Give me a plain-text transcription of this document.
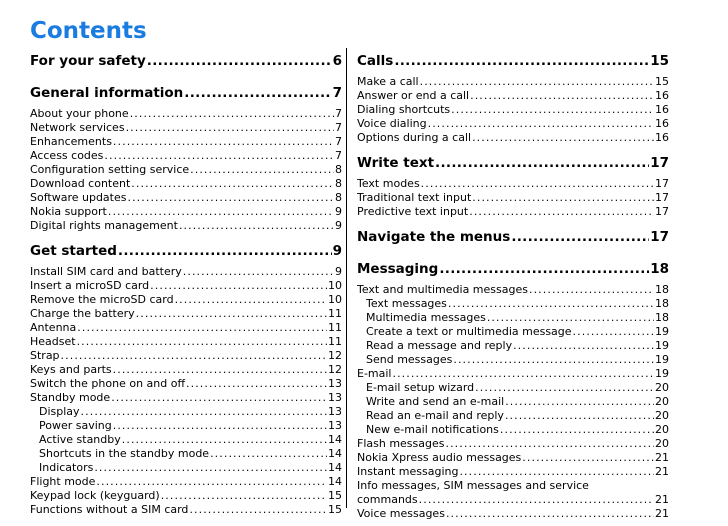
Contents
For your safety . . .	6
General information . . .	7
About your phone . . .	7
Network services . . .	7
Enhancements . . .	7
Access codes . . .	7
Configuration setting service . . .	8
Download content . . .	8
Software updates . . .	8
Nokia support . . .	9
Digital rights management . . .	9
Get started . . .	9
Install SIM card and battery . . .	9
Insert a microSD card . . .	10
Remove the microSD card . . .	10
Charge the battery . . .	11
Antenna . . .	11
Headset . . .	11
Strap . . .	12
Keys and parts . . .	12
Switch the phone on and off . . .	13
Standby mode . . .	13
Display . . .	13
Power saving . . .	13
Active standby . . .	14
Shortcuts in the standby mode . . .	14
Indicators . . .	14
Flight mode . . .	14
Keypad lock (keyguard) . . .	15
Functions without a SIM card . . .	15
Calls . . .	15
Make a call . . .	15
Answer or end a call . . .	16
Dialing shortcuts . . .	16
Voice dialing . . .	16
Options during a call . . .	16
Write text . . .	17
Text modes . . .	17
Traditional text input . . .	17
Predictive text input . . .	17
Navigate the menus . . .	17
Messaging . . .	18
Text and multimedia messages . . .	18
Text messages . . .	18
Multimedia messages . . .	18
Create a text or multimedia message . . .	19
Read a message and reply . . .	19
Send messages . . .	19
E-mail . . .	19
E-mail setup wizard . . .	20
Write and send an e-mail . . .	20
Read an e-mail and reply . . .	20
New e-mail notifications . . .	20
Flash messages . . .	20
Nokia Xpress audio messages . . .	21
Instant messaging . . .	21
Info messages, SIM messages and service
commands . . .	21
Voice messages . . .	21
